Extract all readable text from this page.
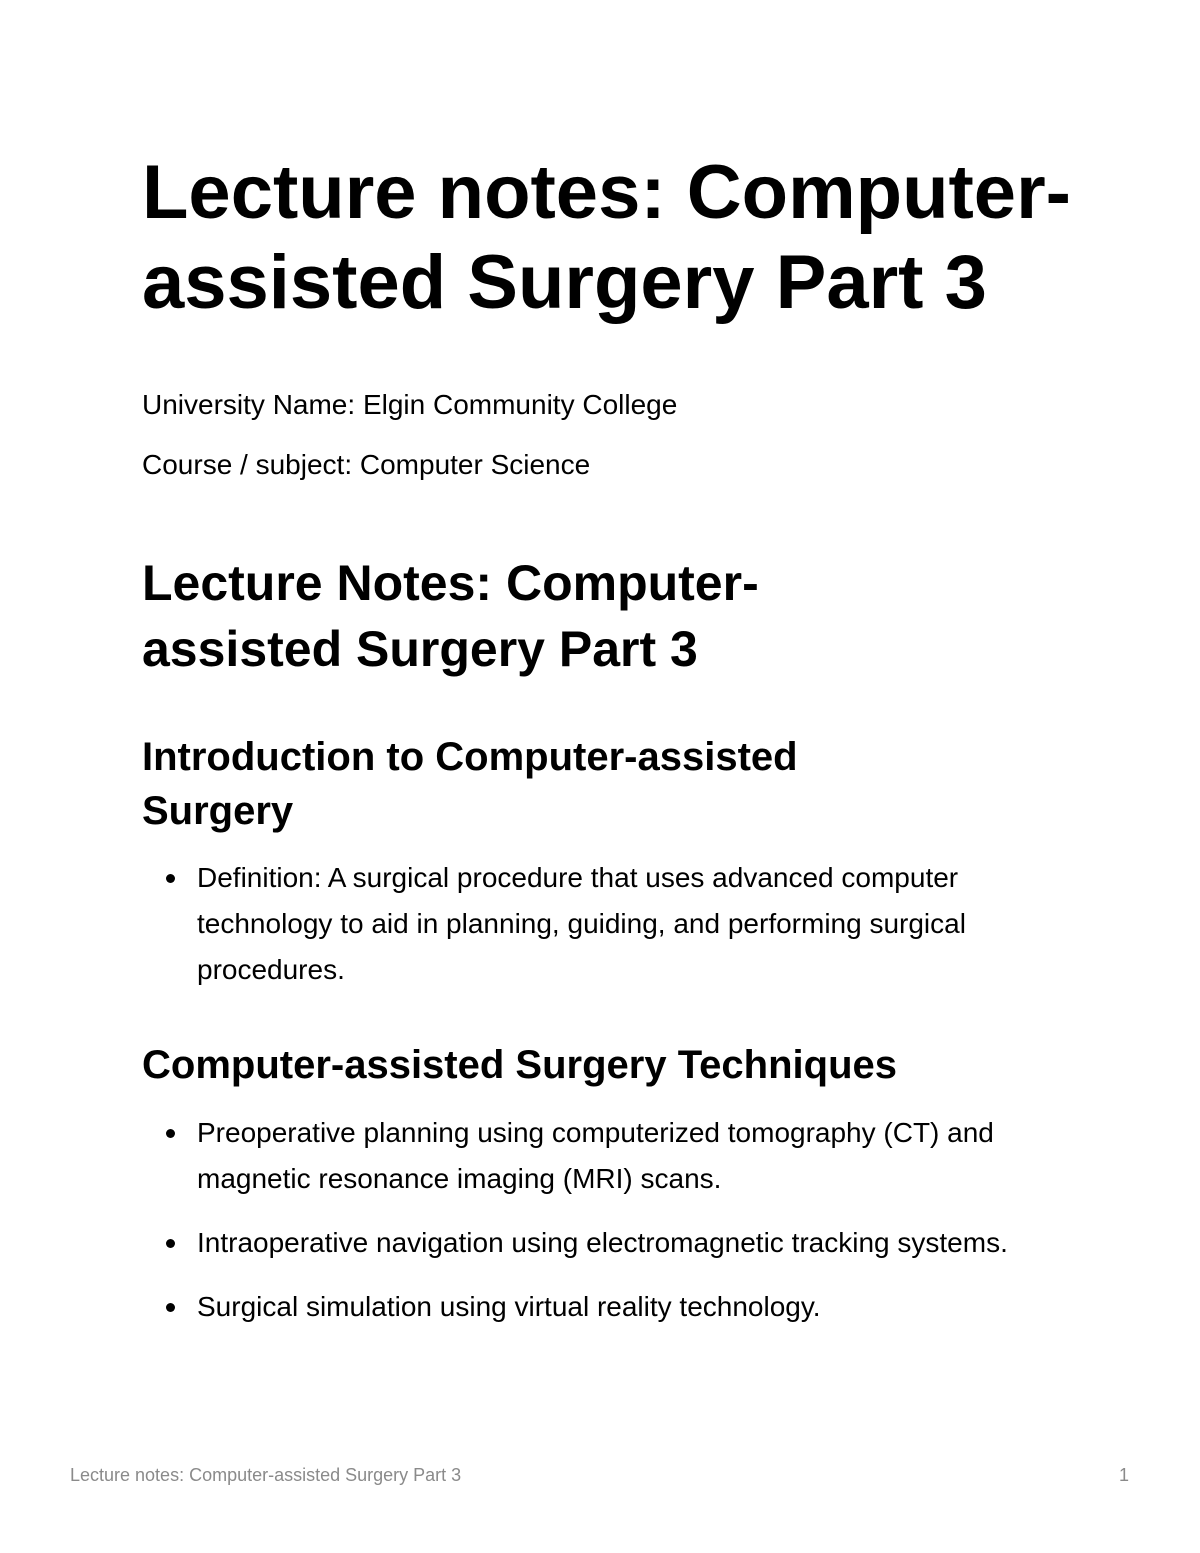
Lecture notes: Computer-assisted Surgery Part 3

University Name: Elgin Community College

Course / subject: Computer Science

Lecture Notes: Computer-assisted Surgery Part 3
Introduction to Computer-assisted Surgery
Definition: A surgical procedure that uses advanced computer technology to aid in planning, guiding, and performing surgical procedures.
Computer-assisted Surgery Techniques
Preoperative planning using computerized tomography (CT) and magnetic resonance imaging (MRI) scans.
Intraoperative navigation using electromagnetic tracking systems.
Surgical simulation using virtual reality technology.
Lecture notes: Computer-assisted Surgery Part 3	1
